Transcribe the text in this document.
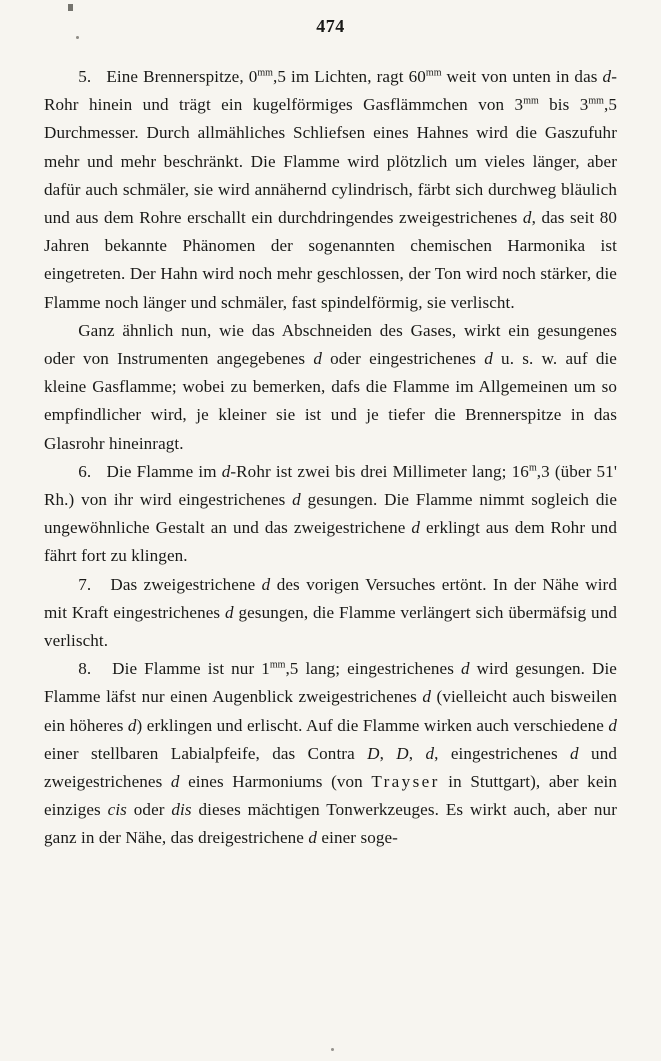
474

5.   Eine Brennerspitze, $0^{mm},5$ im Lichten, ragt $60^{mm}$ weit von unten in das d-Rohr hinein und trägt ein kugelförmiges Gasflämmchen von $3^{mm}$ bis $3^{mm},5$ Durchmesser. Durch allmähliches Schliefsen eines Hahnes wird die Gaszufuhr mehr und mehr beschränkt. Die Flamme wird plötzlich um vieles länger, aber dafür auch schmäler, sie wird annähernd cylindrisch, färbt sich durchweg bläulich und aus dem Rohre erschallt ein durchdringendes zweigestrichenes d, das seit 80 Jahren bekannte Phänomen der sogenannten chemischen Harmonika ist eingetreten. Der Hahn wird noch mehr geschlossen, der Ton wird noch stärker, die Flamme noch länger und schmäler, fast spindelförmig, sie verlischt.

Ganz ähnlich nun, wie das Abschneiden des Gases, wirkt ein gesungenes oder von Instrumenten angegebenes d oder eingestrichenes d u. s. w. auf die kleine Gasflamme; wobei zu bemerken, dafs die Flamme im Allgemeinen um so empfindlicher wird, je kleiner sie ist und je tiefer die Brennerspitze in das Glasrohr hineinragt.

6.   Die Flamme im d-Rohr ist zwei bis drei Millimeter lang; 16$^m$,3 (über 51' Rh.) von ihr wird eingestrichenes d gesungen. Die Flamme nimmt sogleich die ungewöhnliche Gestalt an und das zweigestrichene d erklingt aus dem Rohr und fährt fort zu klingen.

7.   Das zweigestrichene d des vorigen Versuches ertönt. In der Nähe wird mit Kraft eingestrichenes d gesungen, die Flamme verlängert sich übermäfsig und verlischt.

8.   Die Flamme ist nur $1^{mm},5$ lang; eingestrichenes d wird gesungen. Die Flamme läfst nur einen Augenblick zweigestrichenes d (vielleicht auch bisweilen ein höheres d) erklingen und erlischt. Auf die Flamme wirken auch verschiedene d einer stellbaren Labialpfeife, das Contra D, D, d, eingestrichenes d und zweigestrichenes d eines Harmoniums (von Trayser in Stuttgart), aber kein einziges cis oder dis dieses mächtigen Tonwerkzeuges. Es wirkt auch, aber nur ganz in der Nähe, das dreigestrichene d einer soge-
